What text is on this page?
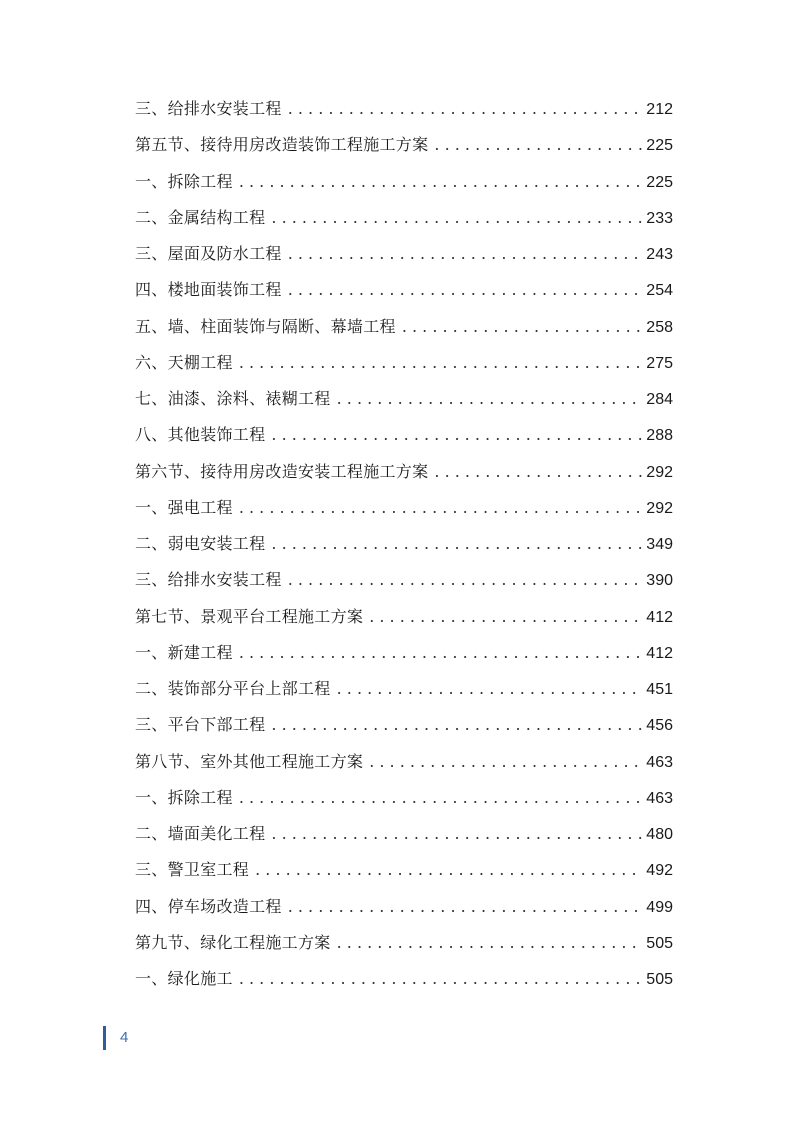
三、给排水安装工程 . . .	212
第五节、接待用房改造装饰工程施工方案 . . .	225
一、拆除工程 . . .	225
二、金属结构工程 . . .	233
三、屋面及防水工程 . . .	243
四、楼地面装饰工程 . . .	254
五、墙、柱面装饰与隔断、幕墙工程 . . .	258
六、天棚工程 . . .	275
七、油漆、涂料、裱糊工程 . . .	284
八、其他装饰工程 . . .	288
第六节、接待用房改造安装工程施工方案 . . .	292
一、强电工程 . . .	292
二、弱电安装工程 . . .	349
三、给排水安装工程 . . .	390
第七节、景观平台工程施工方案 . . .	412
一、新建工程 . . .	412
二、装饰部分平台上部工程 . . .	451
三、平台下部工程 . . .	456
第八节、室外其他工程施工方案 . . .	463
一、拆除工程 . . .	463
二、墙面美化工程 . . .	480
三、警卫室工程 . . .	492
四、停车场改造工程 . . .	499
第九节、绿化工程施工方案 . . .	505
一、绿化施工 . . .	505
4
